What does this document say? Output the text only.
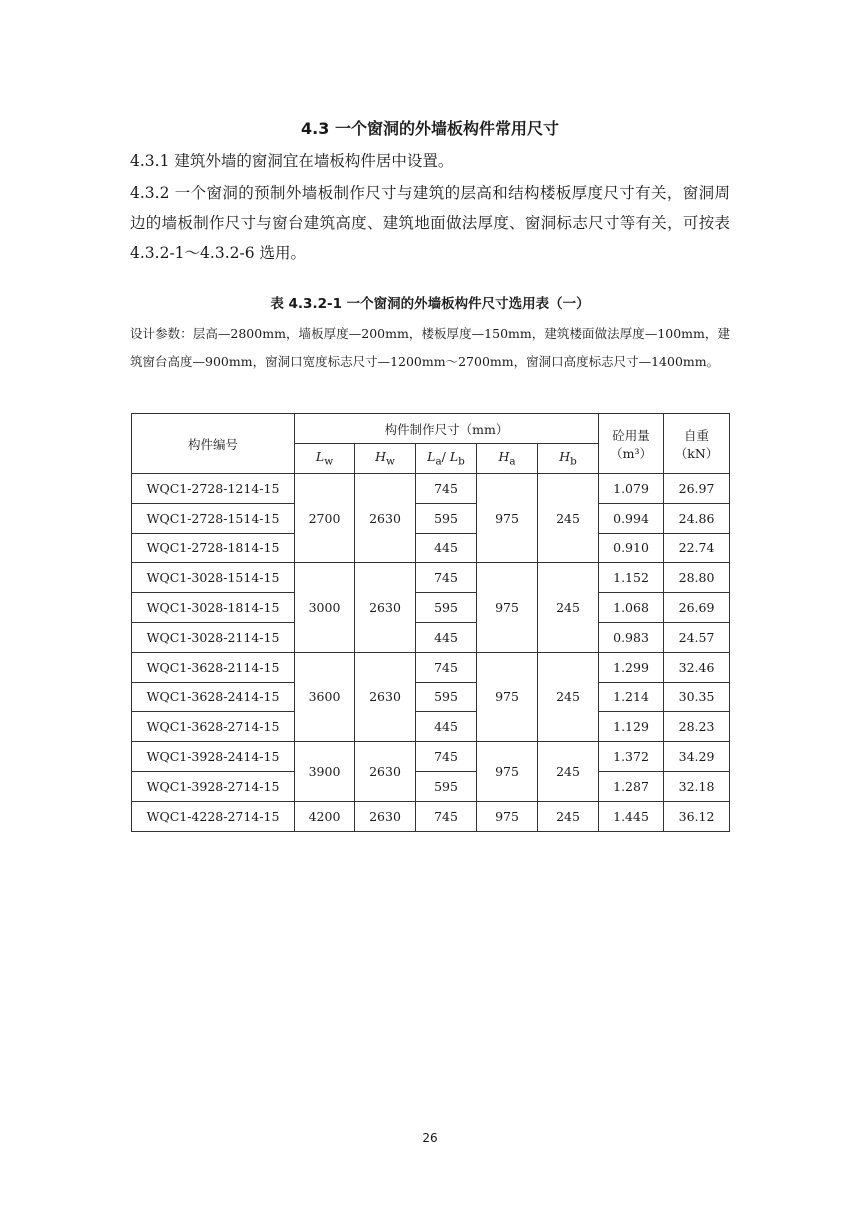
4.3 一个窗洞的外墙板构件常用尺寸

4.3.1 建筑外墙的窗洞宜在墙板构件居中设置。

4.3.2 一个窗洞的预制外墙板制作尺寸与建筑的层高和结构楼板厚度尺寸有关，窗洞周边的墙板制作尺寸与窗台建筑高度、建筑地面做法厚度、窗洞标志尺寸等有关，可按表 4.3.2-1～4.3.2-6 选用。

表 4.3.2-1 一个窗洞的外墙板构件尺寸选用表（一）

设计参数：层高—2800mm，墙板厚度—200mm，楼板厚度—150mm，建筑楼面做法厚度—100mm，建筑窗台高度—900mm，窗洞口宽度标志尺寸—1200mm～2700mm，窗洞口高度标志尺寸—1400mm。

构件编号	构件制作尺寸（mm）					砼用量
（m³）	自重
（kN）
	$L_w$	$H_w$	$L_a/$ $L_b$	$H_a$	$H_b$
WQC1-2728-1214-15	2700	2630	745	975	245	1.079	26.97
WQC1-2728-1514-15			595			0.994	24.86
WQC1-2728-1814-15			445			0.910	22.74
WQC1-3028-1514-15	3000	2630	745	975	245	1.152	28.80
WQC1-3028-1814-15			595			1.068	26.69
WQC1-3028-2114-15			445			0.983	24.57
WQC1-3628-2114-15	3600	2630	745	975	245	1.299	32.46
WQC1-3628-2414-15			595			1.214	30.35
WQC1-3628-2714-15			445			1.129	28.23
WQC1-3928-2414-15	3900	2630	745	975	245	1.372	34.29
WQC1-3928-2714-15			595			1.287	32.18
WQC1-4228-2714-15	4200	2630	745	975	245	1.445	36.12
26
